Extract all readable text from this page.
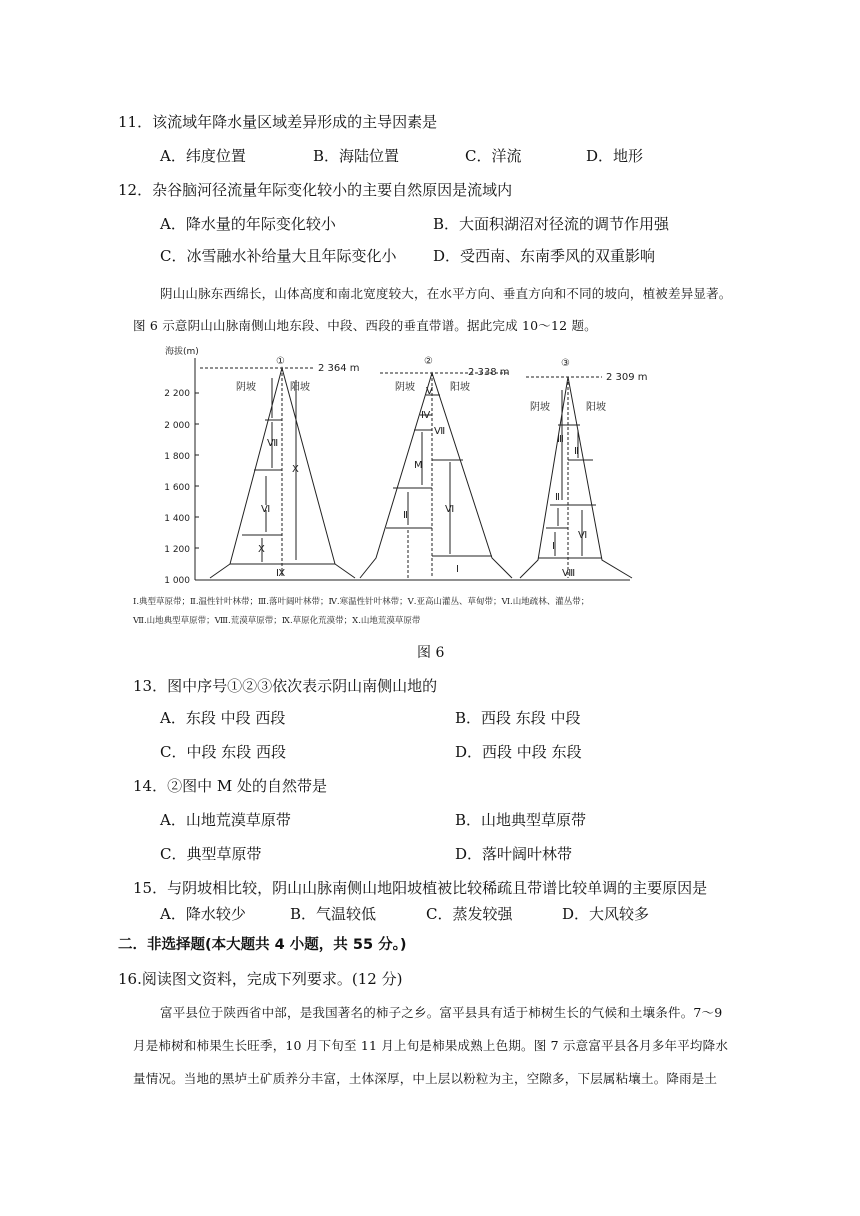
11．该流域年降水量区域差异形成的主导因素是
A．纬度位置	B．海陆位置	C．洋流	D．地形
12．杂谷脑河径流量年际变化较小的主要自然原因是流域内
A．降水量的年际变化较小	B．大面积湖沼对径流的调节作用强
C．冰雪融水补给量大且年际变化小 D．受西南、东南季风的双重影响
阴山山脉东西绵长，山体高度和南北宽度较大，在水平方向、垂直方向和不同的坡向，植被差异显著。
图 6 示意阴山山脉南侧山地东段、中段、西段的垂直带谱。据此完成 10～12 题。
海拔(m)
2 200
2 000
1 800
1 600
1 400
1 200
1 000
①
2 364 m
阴坡	阳坡
Ⅶ
Ⅵ
Ⅹ
Ⅹ
Ⅸ
②
2 338 m
阴坡	阳坡
Ⅴ
Ⅳ
Ⅶ
M
Ⅱ
Ⅵ
Ⅰ
③
2 309 m
阴坡	阳坡
Ⅲ
Ⅱ
Ⅱ
Ⅰ
Ⅵ
Ⅷ
Ⅰ.典型草原带；Ⅱ.温性针叶林带；Ⅲ.落叶阔叶林带；Ⅳ.寒温性针叶林带；Ⅴ.亚高山灌丛、草甸带；Ⅵ.山地疏林、灌丛带；
Ⅶ.山地典型草原带；Ⅷ.荒漠草原带；Ⅸ.草原化荒漠带；Ⅹ.山地荒漠草原带
图 6
13．图中序号①②③依次表示阴山南侧山地的
A．东段 中段 西段	B．西段 东段 中段
C．中段 东段 西段	D．西段 中段 东段
14．②图中 M 处的自然带是
A．山地荒漠草原带	B．山地典型草原带
C．典型草原带	D．落叶阔叶林带
15．与阴坡相比较，阴山山脉南侧山地阳坡植被比较稀疏且带谱比较单调的主要原因是
A．降水较少	B．气温较低	C．蒸发较强	D．大风较多
二．非选择题(本大题共 4 小题，共 55 分。)
16.阅读图文资料，完成下列要求。(12 分)
富平县位于陕西省中部，是我国著名的柿子之乡。富平县具有适于柿树生长的气候和土壤条件。7～9
月是柿树和柿果生长旺季，10 月下旬至 11 月上旬是柿果成熟上色期。图 7 示意富平县各月多年平均降水
量情况。当地的黑垆土矿质养分丰富，土体深厚，中上层以粉粒为主，空隙多，下层属粘壤土。降雨是土
